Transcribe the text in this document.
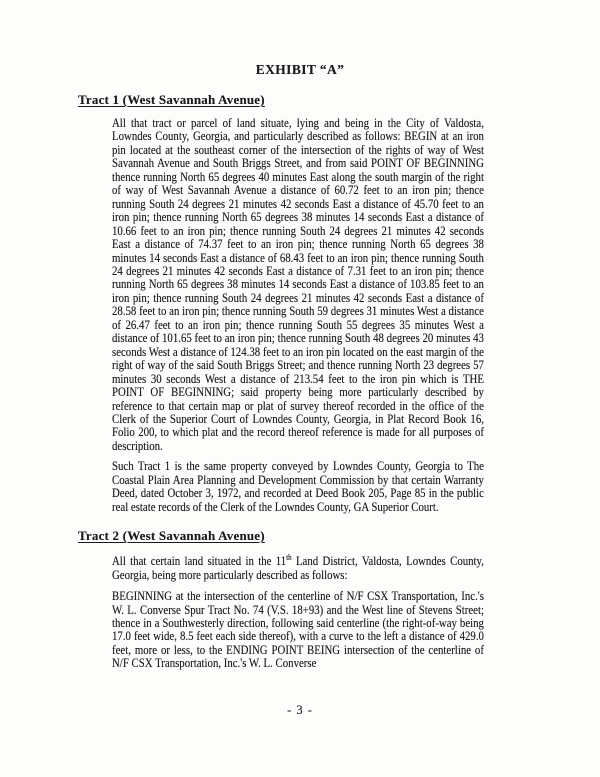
EXHIBIT “A”
Tract 1 (West Savannah Avenue)

All that tract or parcel of land situate, lying and being in the City of Valdosta, Lowndes County, Georgia, and particularly described as follows: BEGIN at an iron pin located at the southeast corner of the intersection of the rights of way of West Savannah Avenue and South Briggs Street, and from said POINT OF BEGINNING thence running North 65 degrees 40 minutes East along the south margin of the right of way of West Savannah Avenue a distance of 60.72 feet to an iron pin; thence running South 24 degrees 21 minutes 42 seconds East a distance of 45.70 feet to an iron pin; thence running North 65 degrees 38 minutes 14 seconds East a distance of 10.66 feet to an iron pin; thence running South 24 degrees 21 minutes 42 seconds East a distance of 74.37 feet to an iron pin; thence running North 65 degrees 38 minutes 14 seconds East a distance of 68.43 feet to an iron pin; thence running South 24 degrees 21 minutes 42 seconds East a distance of 7.31 feet to an iron pin; thence running North 65 degrees 38 minutes 14 seconds East a distance of 103.85 feet to an iron pin; thence running South 24 degrees 21 minutes 42 seconds East a distance of 28.58 feet to an iron pin; thence running South 59 degrees 31 minutes West a distance of 26.47 feet to an iron pin; thence running South 55 degrees 35 minutes West a distance of 101.65 feet to an iron pin; thence running South 48 degrees 20 minutes 43 seconds West a distance of 124.38 feet to an iron pin located on the east margin of the right of way of the said South Briggs Street; and thence running North 23 degrees 57 minutes 30 seconds West a distance of 213.54 feet to the iron pin which is THE POINT OF BEGINNING; said property being more particularly described by reference to that certain map or plat of survey thereof recorded in the office of the Clerk of the Superior Court of Lowndes County, Georgia, in Plat Record Book 16, Folio 200, to which plat and the record thereof reference is made for all purposes of description.

Such Tract 1 is the same property conveyed by Lowndes County, Georgia to The Coastal Plain Area Planning and Development Commission by that certain Warranty Deed, dated October 3, 1972, and recorded at Deed Book 205, Page 85 in the public real estate records of the Clerk of the Lowndes County, GA Superior Court.

Tract 2 (West Savannah Avenue)

All that certain land situated in the 11th Land District, Valdosta, Lowndes County, Georgia, being more particularly described as follows:

BEGINNING at the intersection of the centerline of N/F CSX Transportation, Inc.'s W. L. Converse Spur Tract No. 74 (V.S. 18+93) and the West line of Stevens Street; thence in a Southwesterly direction, following said centerline (the right-of-way being 17.0 feet wide, 8.5 feet each side thereof), with a curve to the left a distance of 429.0 feet, more or less, to the ENDING POINT BEING intersection of the centerline of N/F CSX Transportation, Inc.'s W. L. Converse

- 3 -
